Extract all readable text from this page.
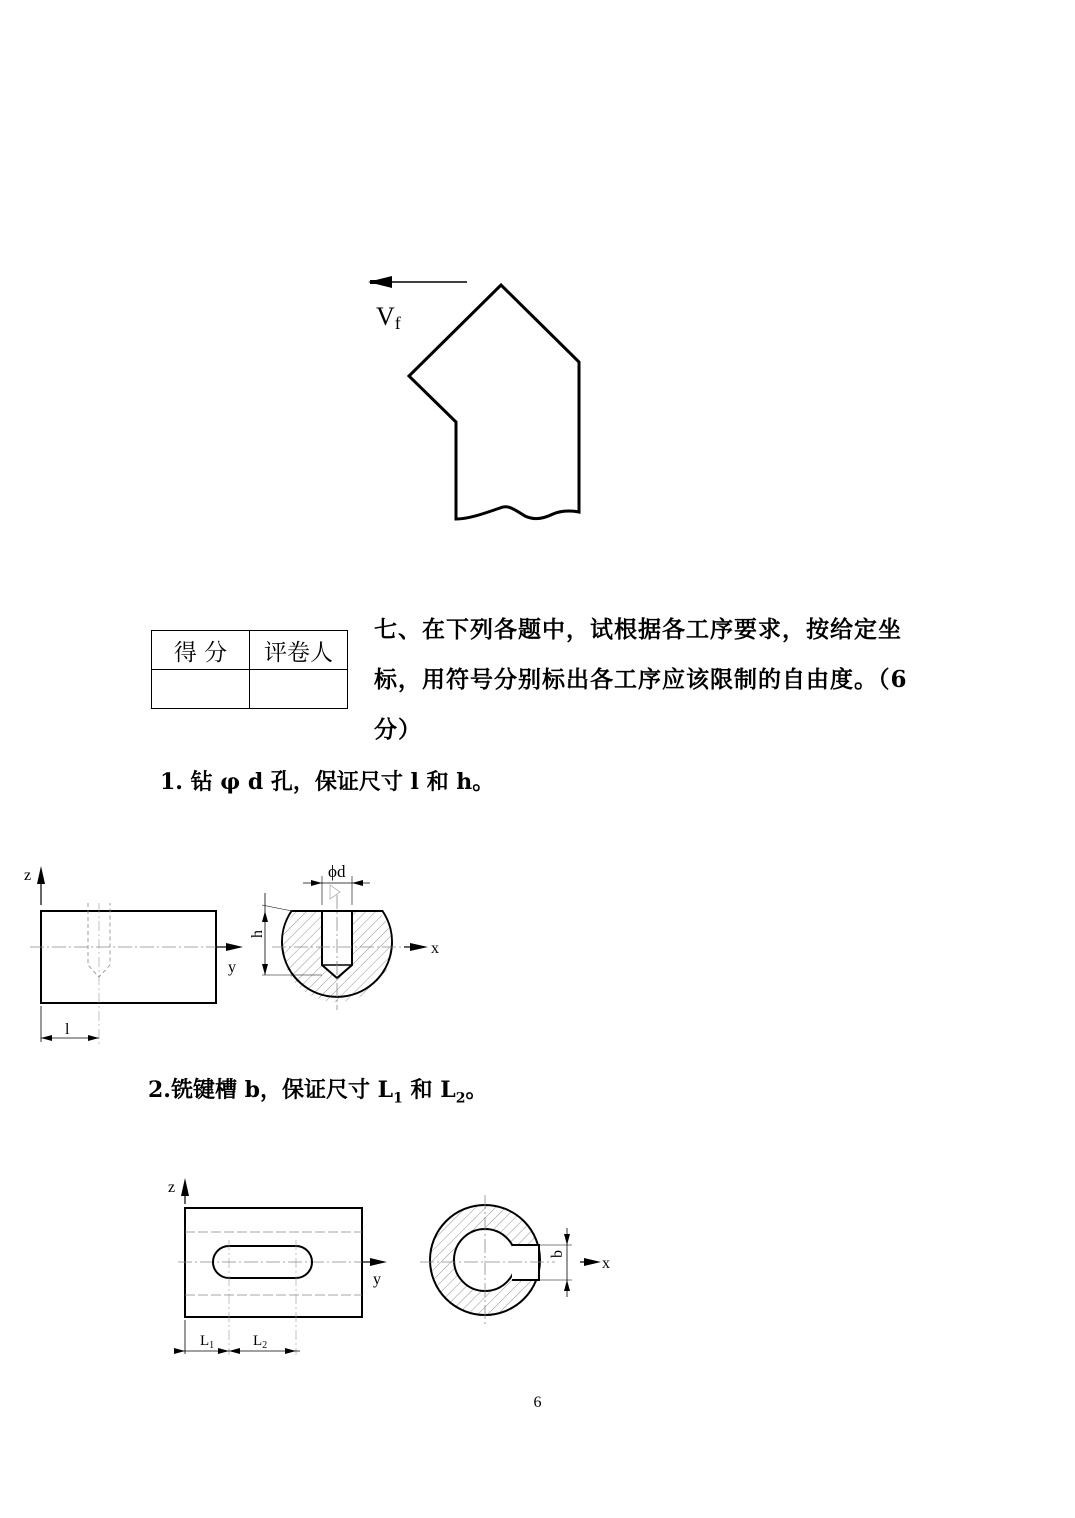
Vf
得 分	评卷人

七、在下列各题中，试根据各工序要求，按给定坐
标，用符号分别标出各工序应该限制的自由度。（6
分）
1. 钻 φ d 孔，保证尺寸 l 和 h。
z
y
l
x
h
ϕd
2.铣键槽 b，保证尺寸 $L_1$ 和 $L_2$。
z
y
$L_1$	$L_2$
b
x
6
